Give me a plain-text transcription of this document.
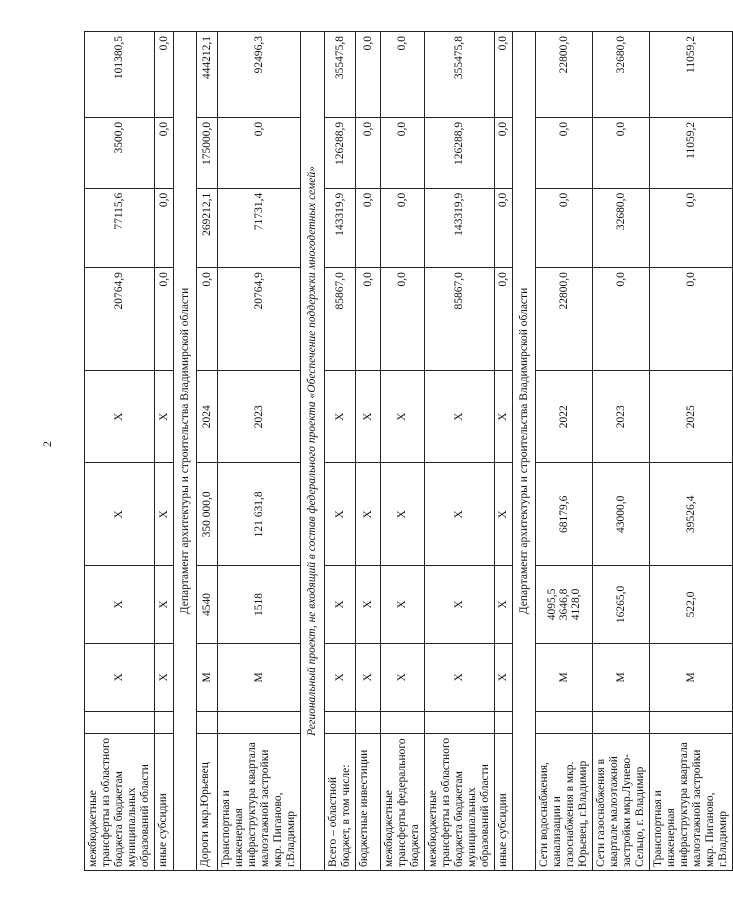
2
межбюджетные трансферты из областного бюджета бюджетам муниципальных образований области		Х	Х	Х	Х	20764,9	77115,6	3500,0	101380,5
иные субсидии		Х	Х	Х	Х	0,0	0,0	0,0	0,0
Департамент архитектуры и строительства Владимирской области									
Дороги мкр.Юрьевец		М	4540	350 000,0	2024	0,0	269212,1	175000,0	444212,1
Транспортная и инженерная инфраструктура квартала малоэтажной застройки мкр. Пиганово, г.Владимир		М	1518	121 631,8	2023	20764,9	71731,4	0,0	92496,3
Региональный проект, не входящий в состав федерального проекта «Обеспечение поддержки многодетных семей»									
Всего – областной бюджет, в том числе:		Х	Х	Х	Х	85867,0	143319,9	126288,9	355475,8
бюджетные инвестиции		Х	Х	Х	Х	0,0	0,0	0,0	0,0
межбюджетные трансферты федерального бюджета		Х	Х	Х	Х	0,0	0,0	0,0	0,0
межбюджетные трансферты из областного бюджета бюджетам муниципальных образований области		Х	Х	Х	Х	85867,0	143319,9	126288,9	355475,8
иные субсидии		Х	Х	Х	Х	0,0	0,0	0,0	0,0
Департамент архитектуры и строительства Владимирской области									
Сети водоснабжения, канализации и газоснабжения в мкр. Юрьевец, г.Владимир		М	4095,5 3646,8 4128,0	68179,6	2022	22800,0	0,0	0,0	22800,0
Сети газоснабжения в квартале малоэтажной застройки мкр.Лунево-Сельцо, г. Владимир		М	16265,0	43000,0	2023	0,0	32680,0	0,0	32680,0
Транспортная и инженерная инфраструктура квартала малоэтажной застройки мкр. Пиганово, г.Владимир		М	522,0	39526,4	2025	0,0	0,0	11059,2	11059,2
